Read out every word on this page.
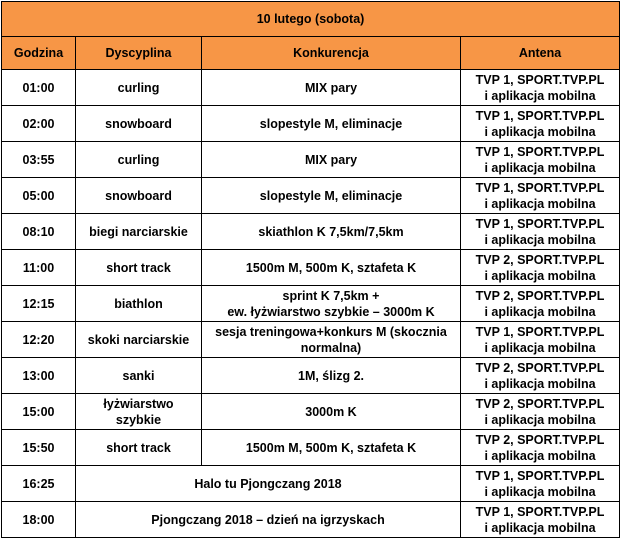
10 lutego (sobota)			
Godzina	Dyscyplina	Konkurencja	Antena
01:00	curling	MIX pary	TVP 1, SPORT.TVP.PL
i aplikacja mobilna
02:00	snowboard	slopestyle M, eliminacje	TVP 1, SPORT.TVP.PL
i aplikacja mobilna
03:55	curling	MIX pary	TVP 1, SPORT.TVP.PL
i aplikacja mobilna
05:00	snowboard	slopestyle M, eliminacje	TVP 1, SPORT.TVP.PL
i aplikacja mobilna
08:10	biegi narciarskie	skiathlon K 7,5km/7,5km	TVP 1, SPORT.TVP.PL
i aplikacja mobilna
11:00	short track	1500m M, 500m K, sztafeta K	TVP 2, SPORT.TVP.PL
i aplikacja mobilna
12:15	biathlon	sprint K 7,5km +
ew. łyżwiarstwo szybkie – 3000m K	TVP 2, SPORT.TVP.PL
i aplikacja mobilna
12:20	skoki narciarskie	sesja treningowa+konkurs M (skocznia
normalna)	TVP 1, SPORT.TVP.PL
i aplikacja mobilna
13:00	sanki	1M, ślizg 2.	TVP 2, SPORT.TVP.PL
i aplikacja mobilna
15:00	łyżwiarstwo
szybkie	3000m K	TVP 2, SPORT.TVP.PL
i aplikacja mobilna
15:50	short track	1500m M, 500m K, sztafeta K	TVP 2, SPORT.TVP.PL
i aplikacja mobilna
16:25	Halo tu Pjongczang 2018		TVP 1, SPORT.TVP.PL
i aplikacja mobilna
18:00	Pjongczang 2018 – dzień na igrzyskach		TVP 1, SPORT.TVP.PL
i aplikacja mobilna
